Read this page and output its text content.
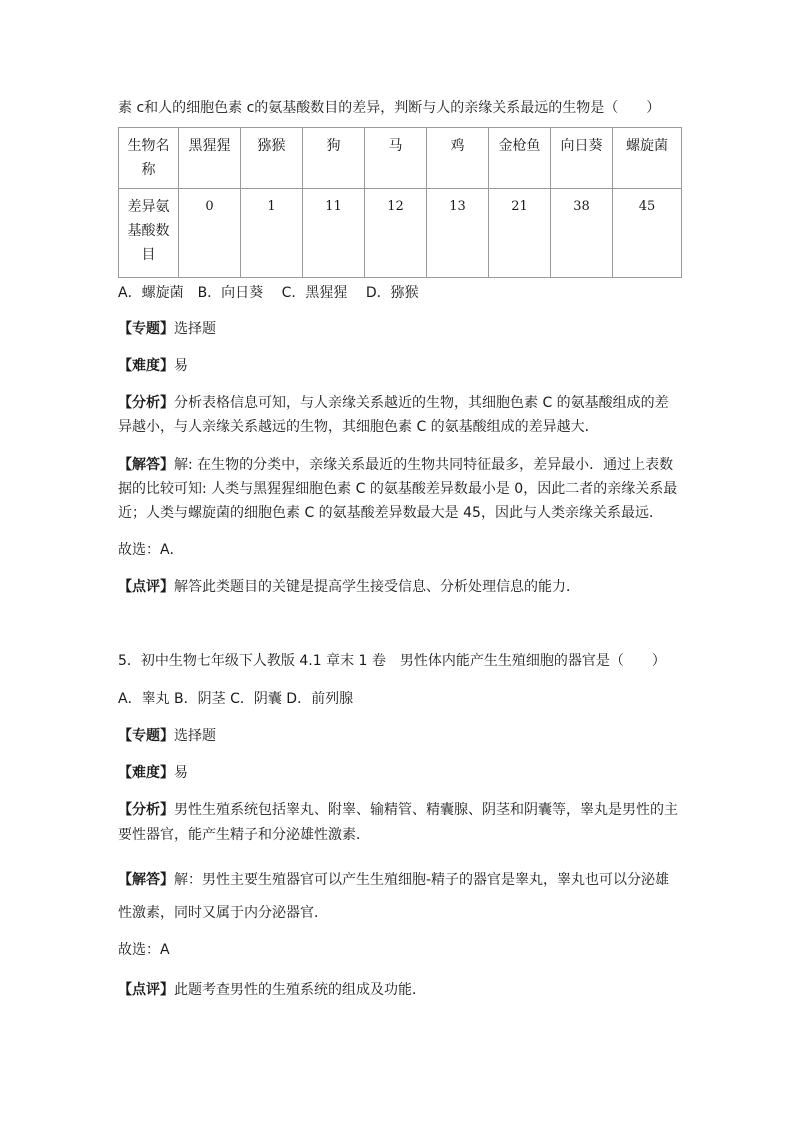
素 c和人的细胞色素 c的氨基酸数目的差异，判断与人的亲缘关系最远的生物是（　　）
生物名称	黑猩猩	猕猴	狗	马	鸡	金枪鱼	向日葵	螺旋菌
差异氨基酸数目	0	1	11	12	13	21	38	45
A．螺旋菌　B．向日葵　 C．黑猩猩　 D．猕猴
【专题】选择题
【难度】易
【分析】分析表格信息可知，与人亲缘关系越近的生物，其细胞色素 C 的氨基酸组成的差
异越小，与人亲缘关系越远的生物，其细胞色素 C 的氨基酸组成的差异越大．
【解答】解: 在生物的分类中，亲缘关系最近的生物共同特征最多，差异最小．通过上表数
据的比较可知: 人类与黑猩猩细胞色素 C 的氨基酸差异数最小是 0，因此二者的亲缘关系最
近；人类与螺旋菌的细胞色素 C 的氨基酸差异数最大是 45，因此与人类亲缘关系最远．
故选：A．
【点评】解答此类题目的关键是提高学生接受信息、分析处理信息的能力．
5．初中生物七年级下人教版 4.1 章末 1 卷　男性体内能产生生殖细胞的器官是（　　）
A．睾丸 B．阴茎 C．阴囊 D．前列腺
【专题】选择题
【难度】易
【分析】男性生殖系统包括睾丸、附睾、输精管、精囊腺、阴茎和阴囊等，睾丸是男性的主
要性器官，能产生精子和分泌雄性激素．
【解答】解：男性主要生殖器官可以产生生殖细胞-精子的器官是睾丸，睾丸也可以分泌雄
性激素，同时又属于内分泌器官．
故选：A
【点评】此题考查男性的生殖系统的组成及功能．
